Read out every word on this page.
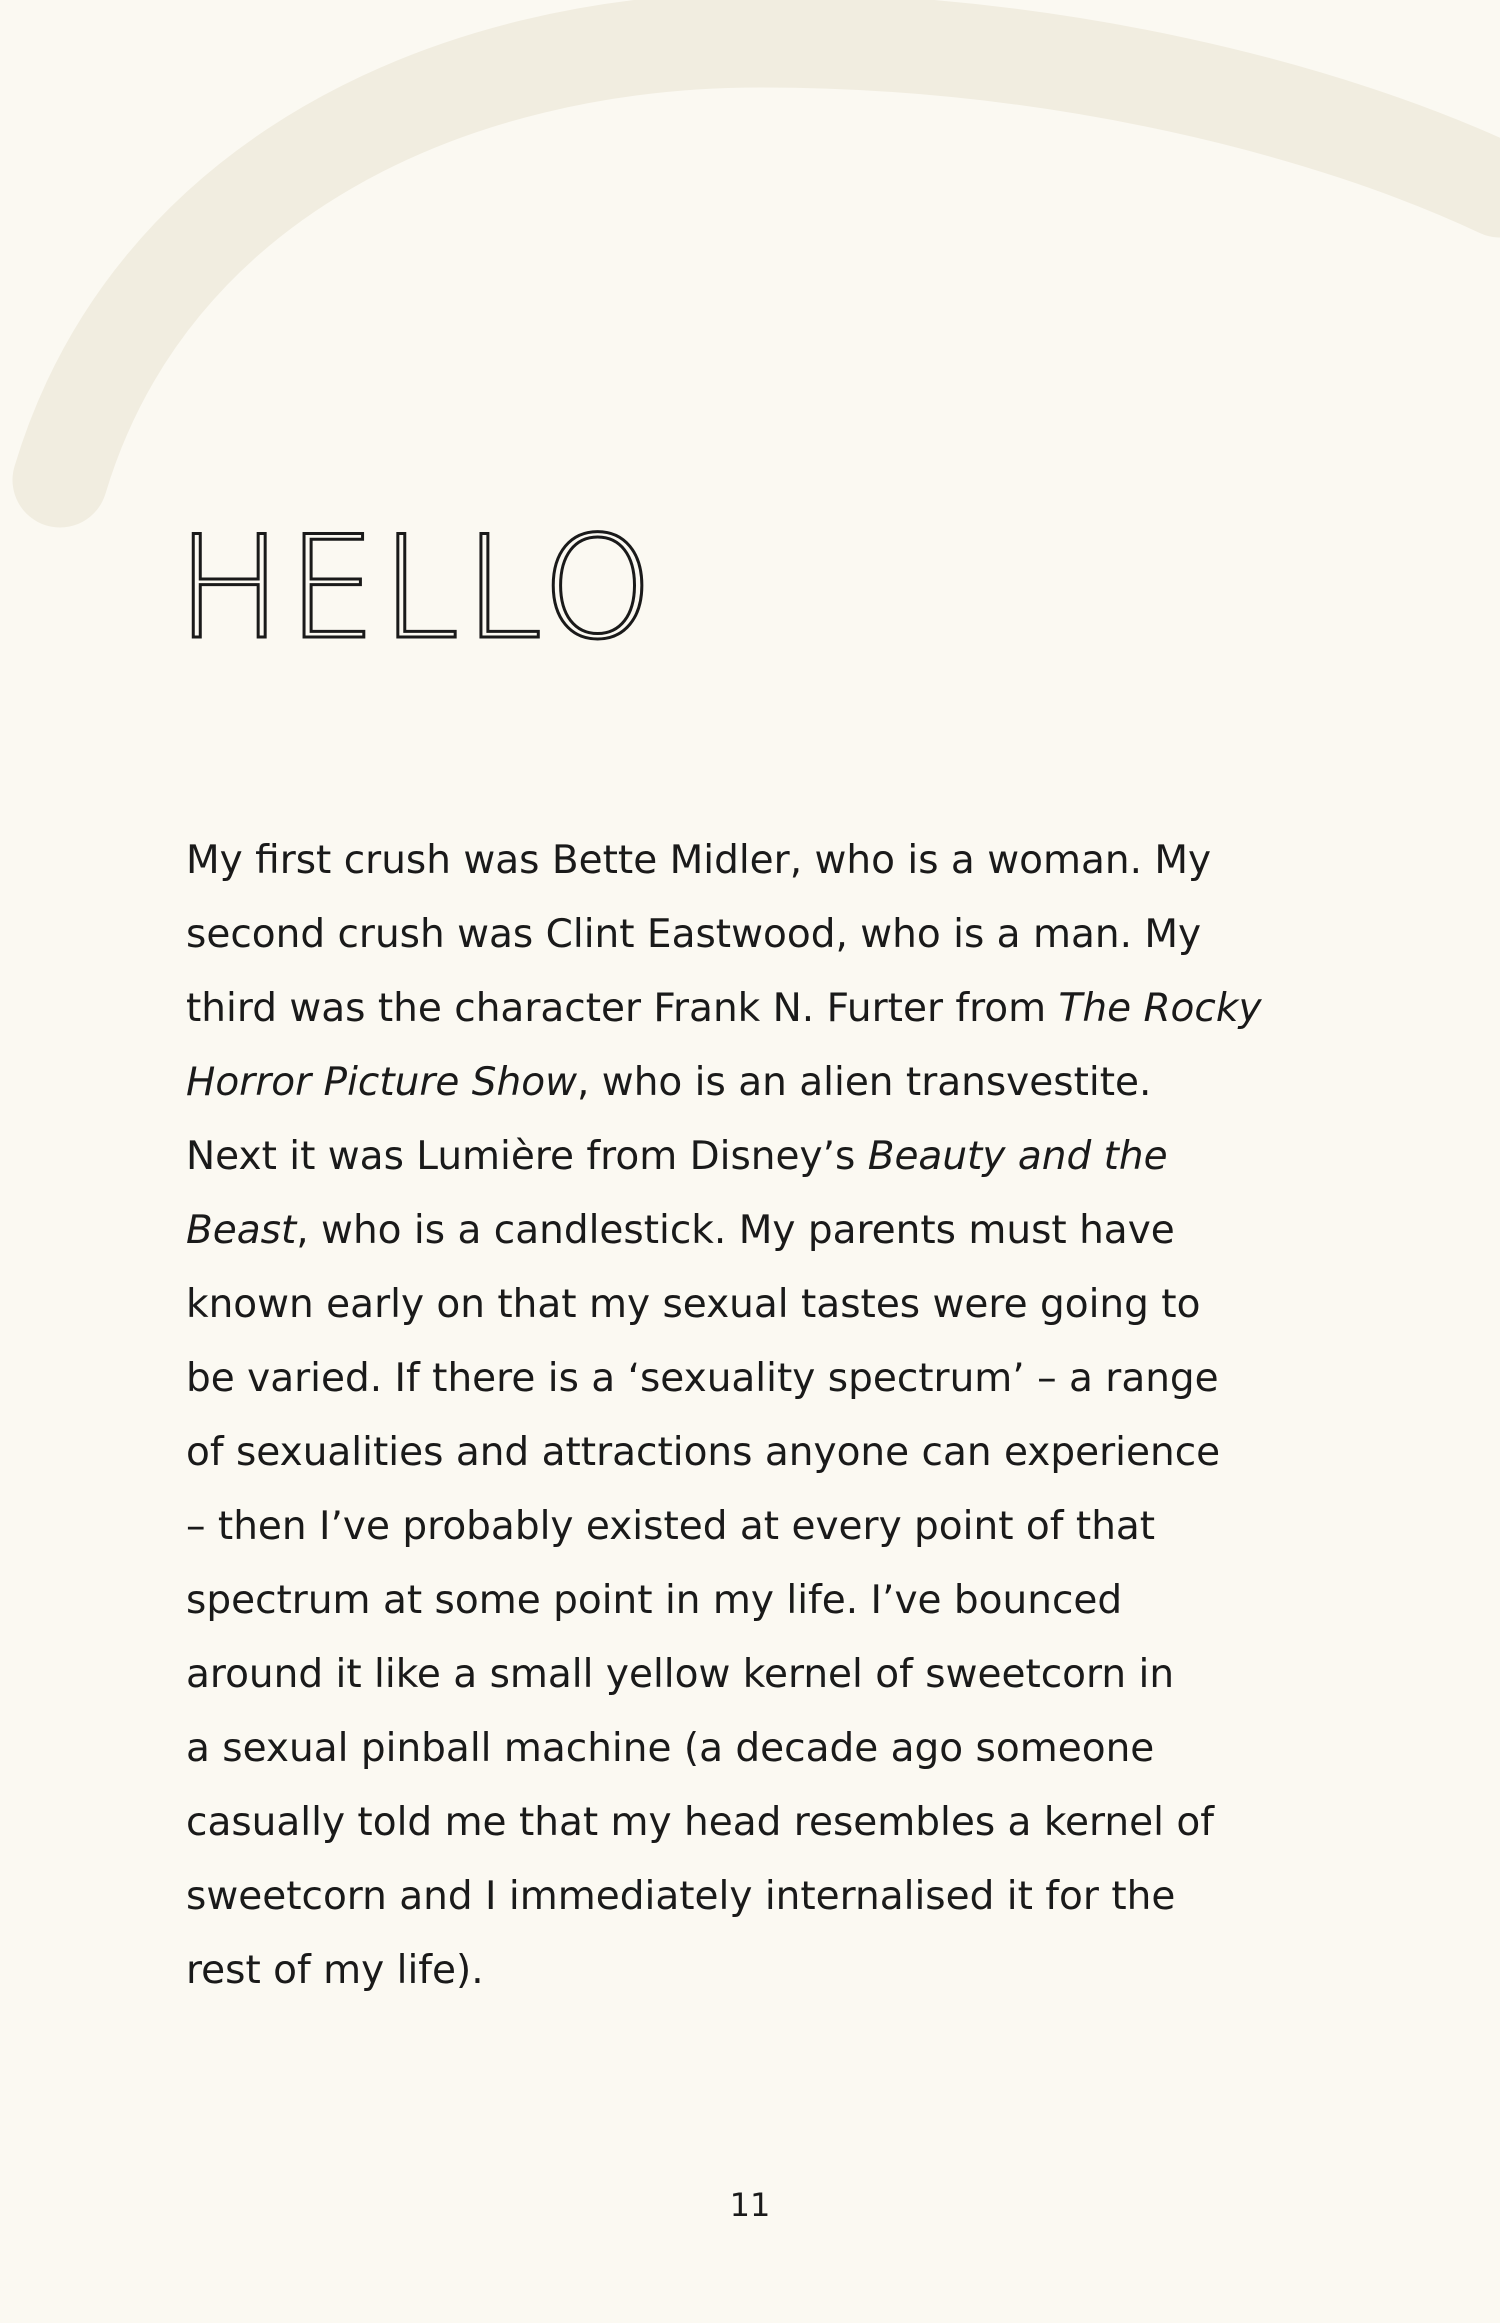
HELLO

My first crush was Bette Midler, who is a woman. My
second crush was Clint Eastwood, who is a man. My
third was the character Frank N. Furter from The Rocky
Horror Picture Show, who is an alien transvestite.
Next it was Lumière from Disney’s Beauty and the
Beast, who is a candlestick. My parents must have
known early on that my sexual tastes were going to
be varied. If there is a ‘sexuality spectrum’ – a range
of sexualities and attractions anyone can experience
– then I’ve probably existed at every point of that
spectrum at some point in my life. I’ve bounced
around it like a small yellow kernel of sweetcorn in
a sexual pinball machine (a decade ago someone
casually told me that my head resembles a kernel of
sweetcorn and I immediately internalised it for the
rest of my life).

11
